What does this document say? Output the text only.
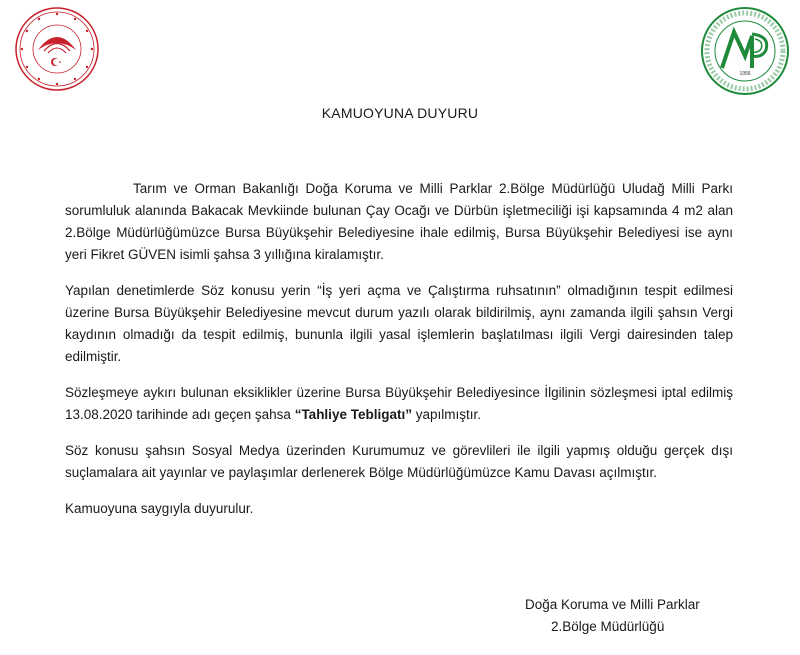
1956
KAMUOYUNA DUYURU

Tarım ve Orman Bakanlığı Doğa Koruma ve Milli Parklar 2.Bölge Müdürlüğü Uludağ Milli Parkı sorumluluk alanında Bakacak Mevkiinde bulunan Çay Ocağı ve Dürbün işletmeciliği işi kapsamında 4 m2 alan 2.Bölge Müdürlüğümüzce Bursa Büyükşehir Belediyesine ihale edilmiş, Bursa Büyükşehir Belediyesi ise aynı yeri Fikret GÜVEN isimli şahsa 3 yıllığına kiralamıştır.

Yapılan denetimlerde Söz konusu yerin “İş yeri açma ve Çalıştırma ruhsatının” olmadığının tespit edilmesi üzerine Bursa Büyükşehir Belediyesine mevcut durum yazılı olarak bildirilmiş, aynı zamanda ilgili şahsın Vergi kaydının olmadığı da tespit edilmiş, bununla ilgili yasal işlemlerin başlatılması ilgili Vergi dairesinden talep edilmiştir.

Sözleşmeye aykırı bulunan eksiklikler üzerine Bursa Büyükşehir Belediyesince İlgilinin sözleşmesi iptal edilmiş 13.08.2020 tarihinde adı geçen şahsa “Tahliye Tebligatı” yapılmıştır.

Söz konusu şahsın Sosyal Medya üzerinden Kurumumuz ve görevlileri ile ilgili yapmış olduğu gerçek dışı suçlamalara ait yayınlar ve paylaşımlar derlenerek Bölge Müdürlüğümüzce Kamu Davası açılmıştır.

Kamuoyuna saygıyla duyurulur.

Doğa Koruma ve Milli Parklar
2.Bölge Müdürlüğü
